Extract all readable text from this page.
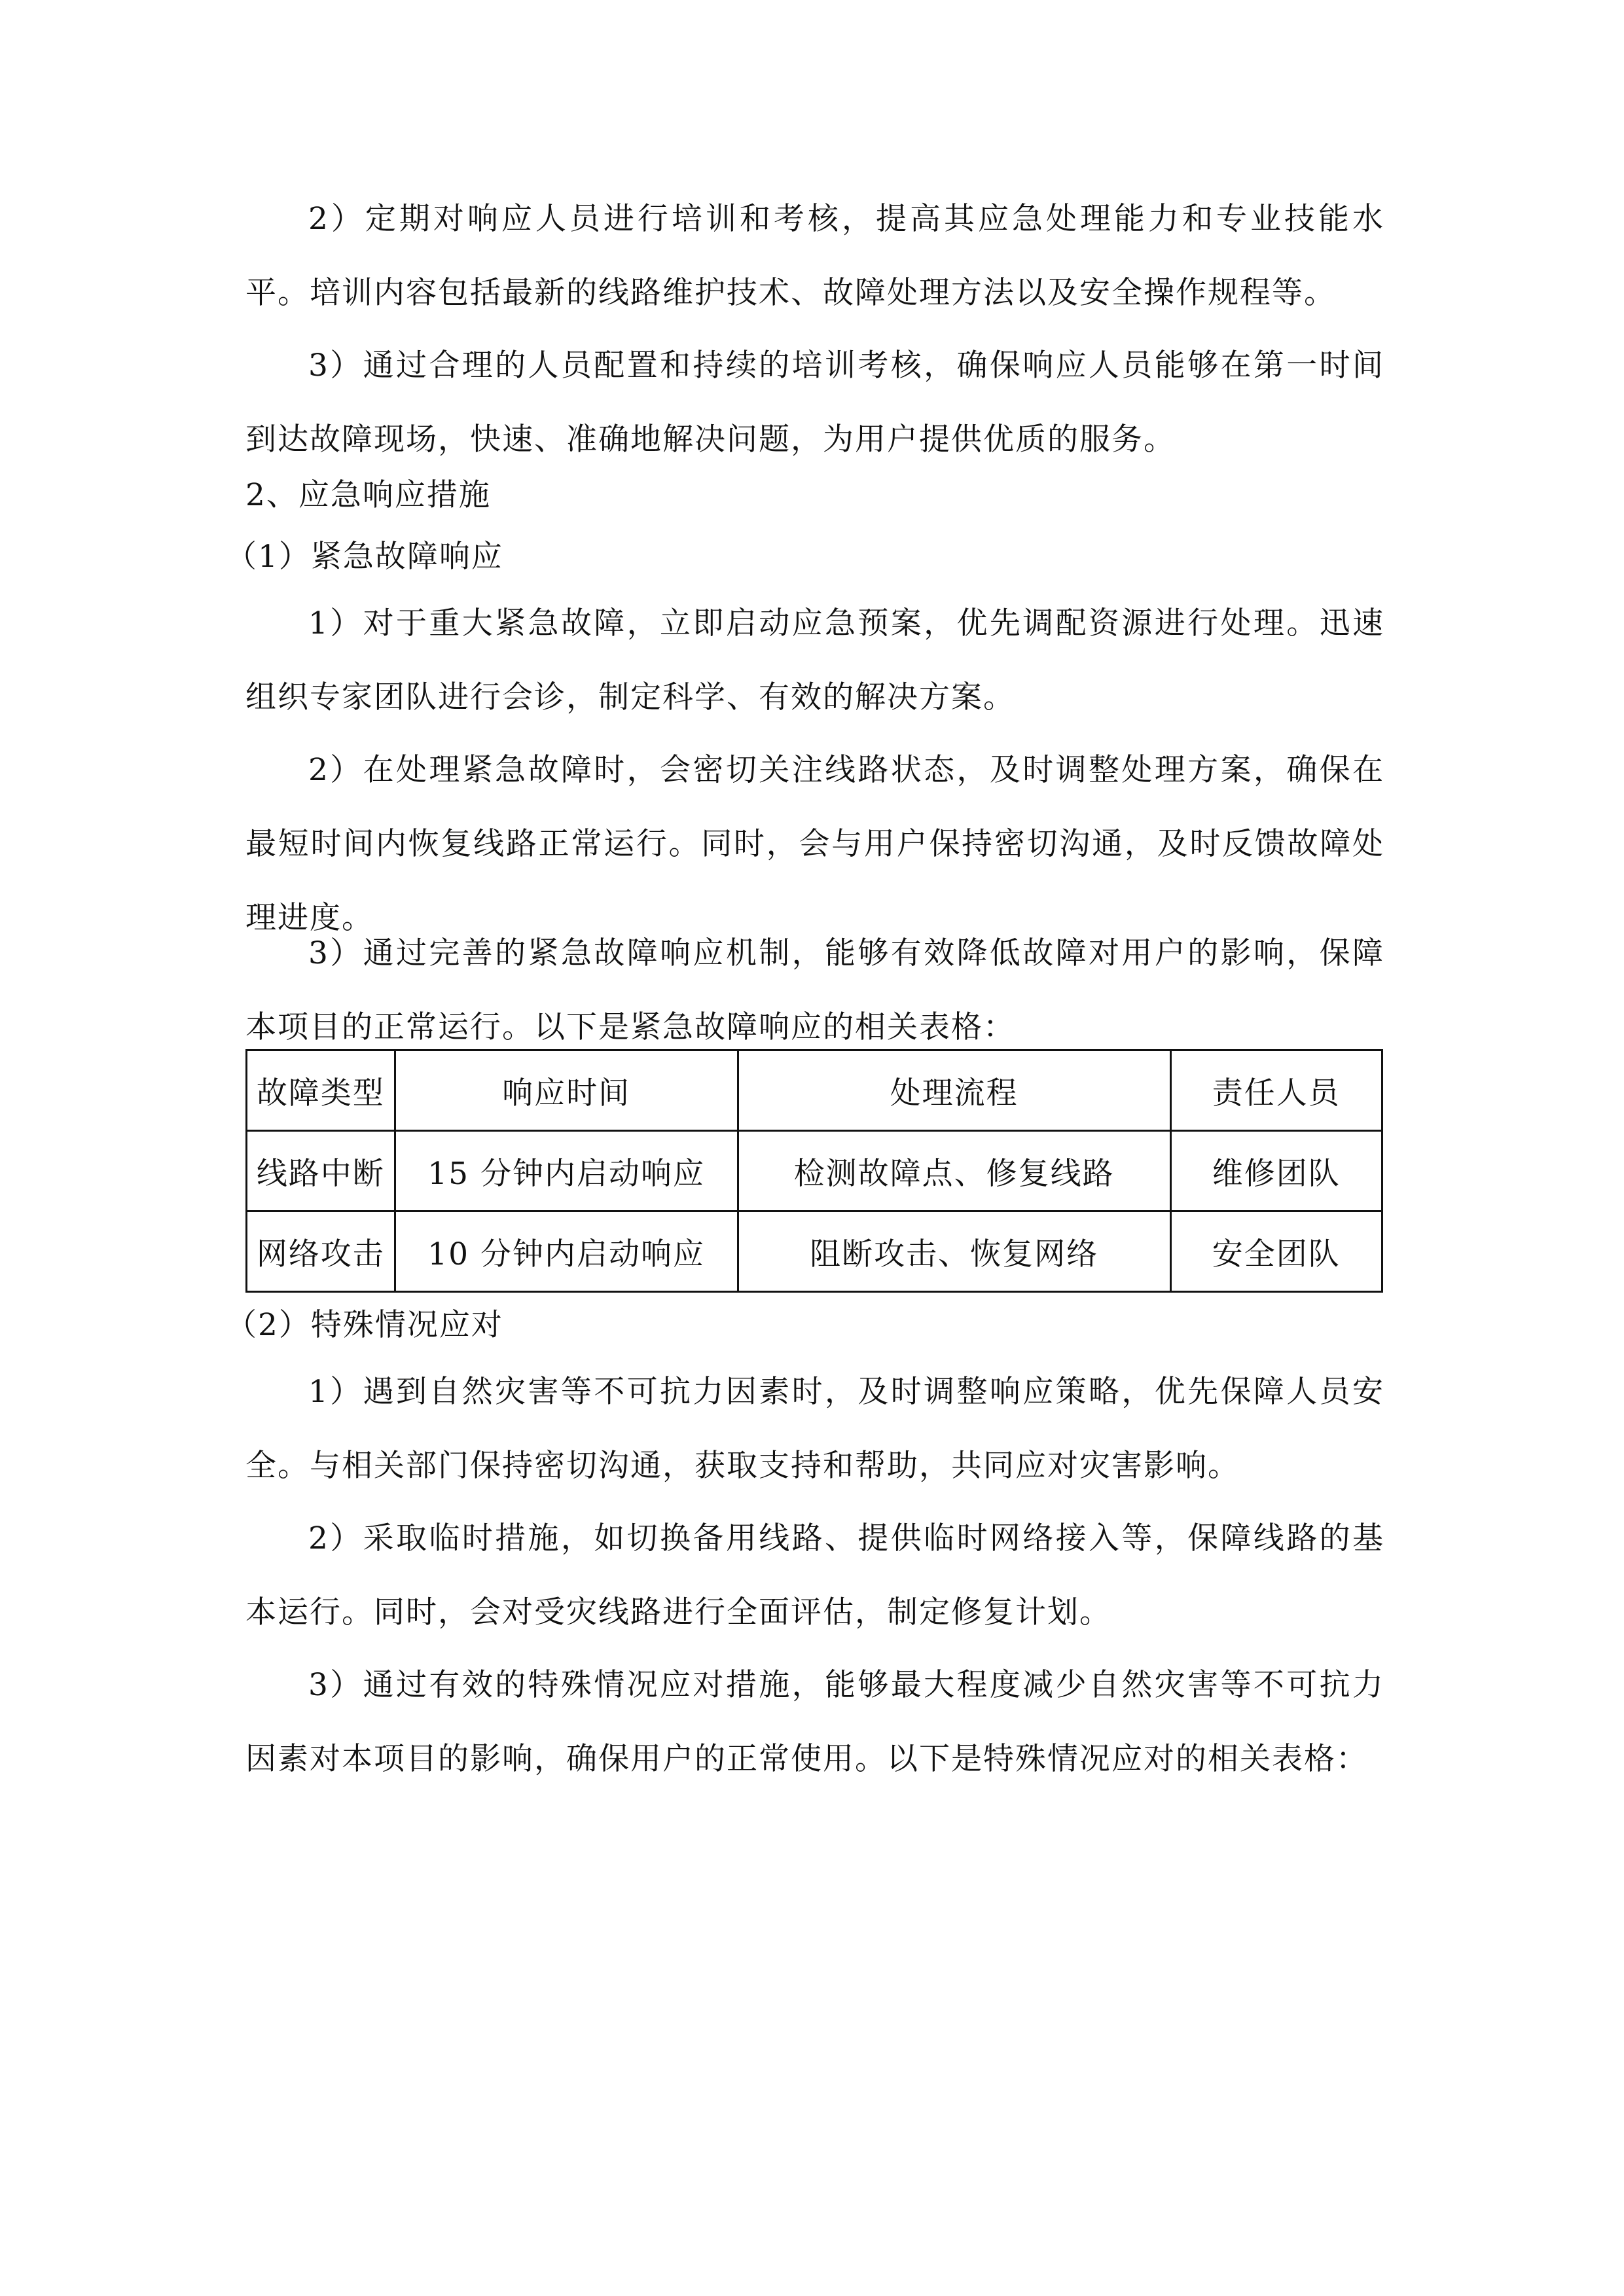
2）定期对响应人员进行培训和考核，提高其应急处理能力和专业技能水平。培训内容包括最新的线路维护技术、故障处理方法以及安全操作规程等。

3）通过合理的人员配置和持续的培训考核，确保响应人员能够在第一时间到达故障现场，快速、准确地解决问题，为用户提供优质的服务。

2、应急响应措施

（1）紧急故障响应

1）对于重大紧急故障，立即启动应急预案，优先调配资源进行处理。迅速组织专家团队进行会诊，制定科学、有效的解决方案。

2）在处理紧急故障时，会密切关注线路状态，及时调整处理方案，确保在最短时间内恢复线路正常运行。同时，会与用户保持密切沟通，及时反馈故障处理进度。

3）通过完善的紧急故障响应机制，能够有效降低故障对用户的影响，保障本项目的正常运行。以下是紧急故障响应的相关表格：

故障类型	响应时间	处理流程	责任人员
线路中断	15 分钟内启动响应	检测故障点、修复线路	维修团队
网络攻击	10 分钟内启动响应	阻断攻击、恢复网络	安全团队

（2）特殊情况应对

1）遇到自然灾害等不可抗力因素时，及时调整响应策略，优先保障人员安全。与相关部门保持密切沟通，获取支持和帮助，共同应对灾害影响。

2）采取临时措施，如切换备用线路、提供临时网络接入等，保障线路的基本运行。同时，会对受灾线路进行全面评估，制定修复计划。

3）通过有效的特殊情况应对措施，能够最大程度减少自然灾害等不可抗力因素对本项目的影响，确保用户的正常使用。以下是特殊情况应对的相关表格：
